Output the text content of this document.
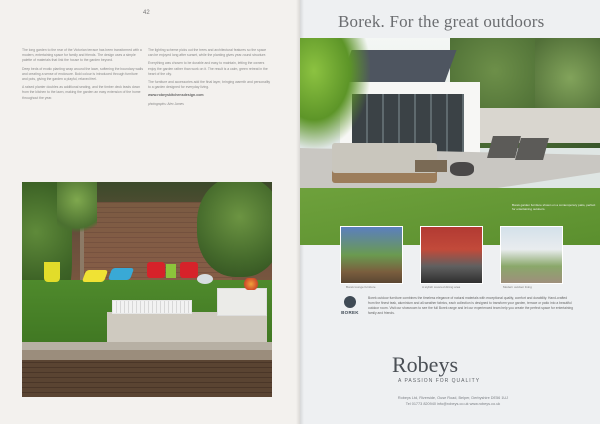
42

The long garden to the rear of the Victorian terrace has been transformed with a modern, entertaining space for family and friends. The design uses a simple palette of materials that link the house to the garden beyond.

Deep beds of exotic planting wrap around the lawn, softening the boundary walls and creating a sense of enclosure. Bold colour is introduced through furniture and pots, giving the garden a playful, relaxed feel.

A raised planter doubles as additional seating, and the timber deck leads down from the kitchen to the lawn, making the garden an easy extension of the home throughout the year.

The lighting scheme picks out the trees and architectural features so the space can be enjoyed long after sunset, while the planting gives year-round structure.

Everything was chosen to be durable and easy to maintain, letting the owners enjoy the garden rather than work on it. The result is a calm, green retreat in the heart of the city.

The furniture and accessories add the final layer, bringing warmth and personality to a garden designed for everyday living.

www.robeyskitchensdesign.com

photographs: Alex James

Borek. For the great outdoors
Borek garden furniture shown on a contemporary patio, perfect for entertaining outdoors.
Borek lounge furniture	A stylish covered dining area	Modern outdoor living
BOREK
Borek outdoor furniture combines the timeless elegance of natural materials with exceptional quality, comfort and durability. Hand-crafted from the finest teak, aluminium and all-weather fabrics, each collection is designed to transform your garden, terrace or patio into a beautiful outdoor room. Visit our showroom to see the full Borek range and let our experienced team help you create the perfect space for entertaining family and friends.
Robeys
A PASSION FOR QUALITY
Robeys Ltd, Riverside, Ouse Road, Belper, Derbyshire DE56 1UJ
Tel 01773 820940 info@robeys.co.uk www.robeys.co.uk
